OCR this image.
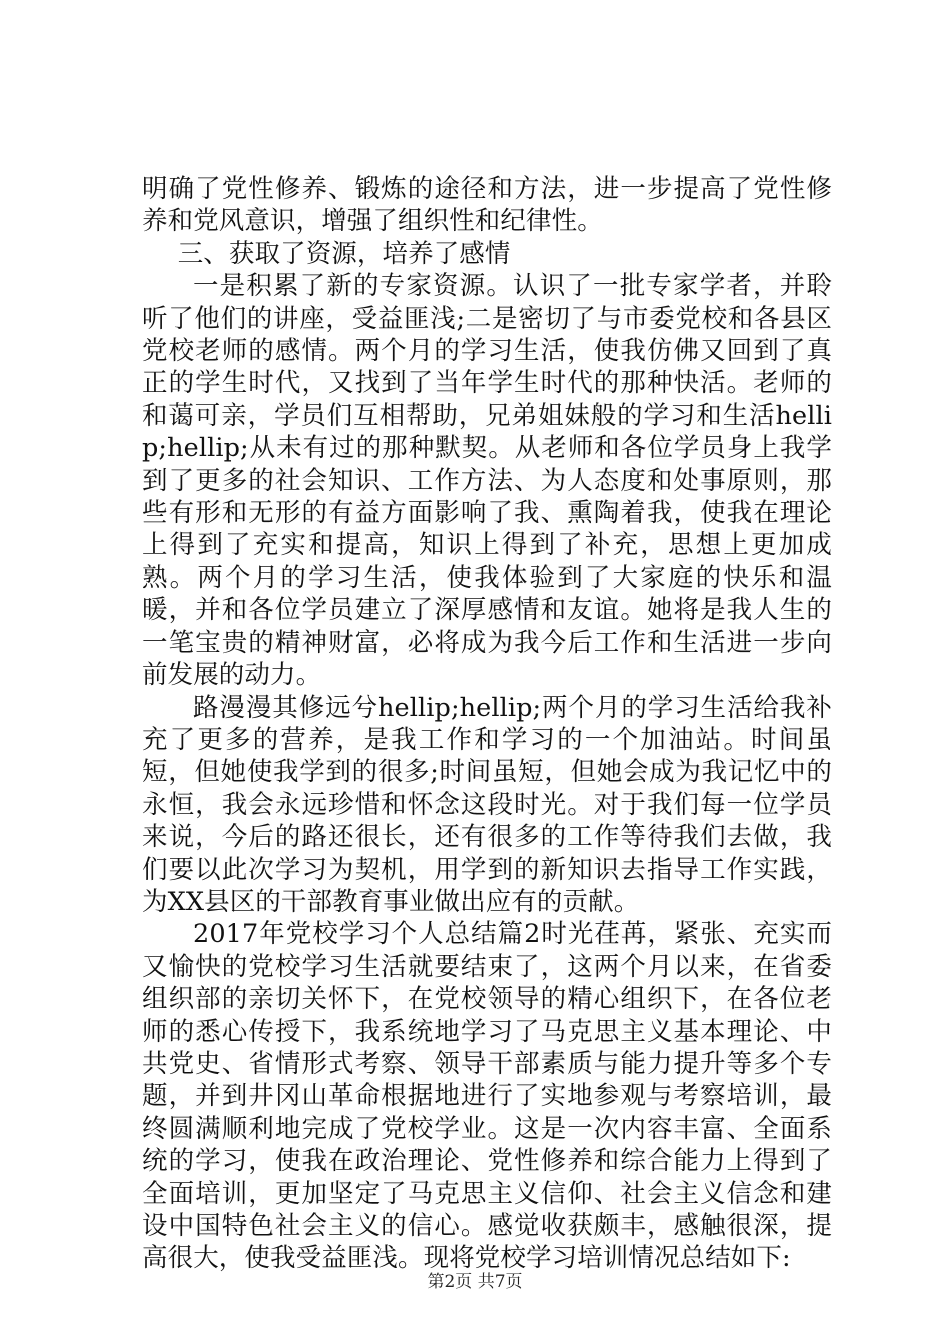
明确了党性修养、锻炼的途径和方法，进一步提高了党性修养和党风意识，增强了组织性和纪律性。

三、获取了资源，培养了感情

一是积累了新的专家资源。认识了一批专家学者，并聆听了他们的讲座，受益匪浅;二是密切了与市委党校和各县区党校老师的感情。两个月的学习生活，使我仿佛又回到了真正的学生时代，又找到了当年学生时代的那种快活。老师的和蔼可亲，学员们互相帮助，兄弟姐妹般的学习和生活hellip;hellip;从未有过的那种默契。从老师和各位学员身上我学到了更多的社会知识、工作方法、为人态度和处事原则，那些有形和无形的有益方面影响了我、熏陶着我，使我在理论上得到了充实和提高，知识上得到了补充，思想上更加成熟。两个月的学习生活，使我体验到了大家庭的快乐和温暖，并和各位学员建立了深厚感情和友谊。她将是我人生的一笔宝贵的精神财富，必将成为我今后工作和生活进一步向前发展的动力。

路漫漫其修远兮hellip;hellip;两个月的学习生活给我补充了更多的营养，是我工作和学习的一个加油站。时间虽短，但她使我学到的很多;时间虽短，但她会成为我记忆中的永恒，我会永远珍惜和怀念这段时光。对于我们每一位学员来说，今后的路还很长，还有很多的工作等待我们去做，我们要以此次学习为契机，用学到的新知识去指导工作实践，为XX县区的干部教育事业做出应有的贡献。

2017年党校学习个人总结篇2时光荏苒，紧张、充实而又愉快的党校学习生活就要结束了，这两个月以来，在省委组织部的亲切关怀下，在党校领导的精心组织下，在各位老师的悉心传授下，我系统地学习了马克思主义基本理论、中共党史、省情形式考察、领导干部素质与能力提升等多个专题，并到井冈山革命根据地进行了实地参观与考察培训，最终圆满顺利地完成了党校学业。这是一次内容丰富、全面系统的学习，使我在政治理论、党性修养和综合能力上得到了全面培训，更加坚定了马克思主义信仰、社会主义信念和建设中国特色社会主义的信心。感觉收获颇丰，感触很深，提高很大，使我受益匪浅。现将党校学习培训情况总结如下:

第2页 共7页
